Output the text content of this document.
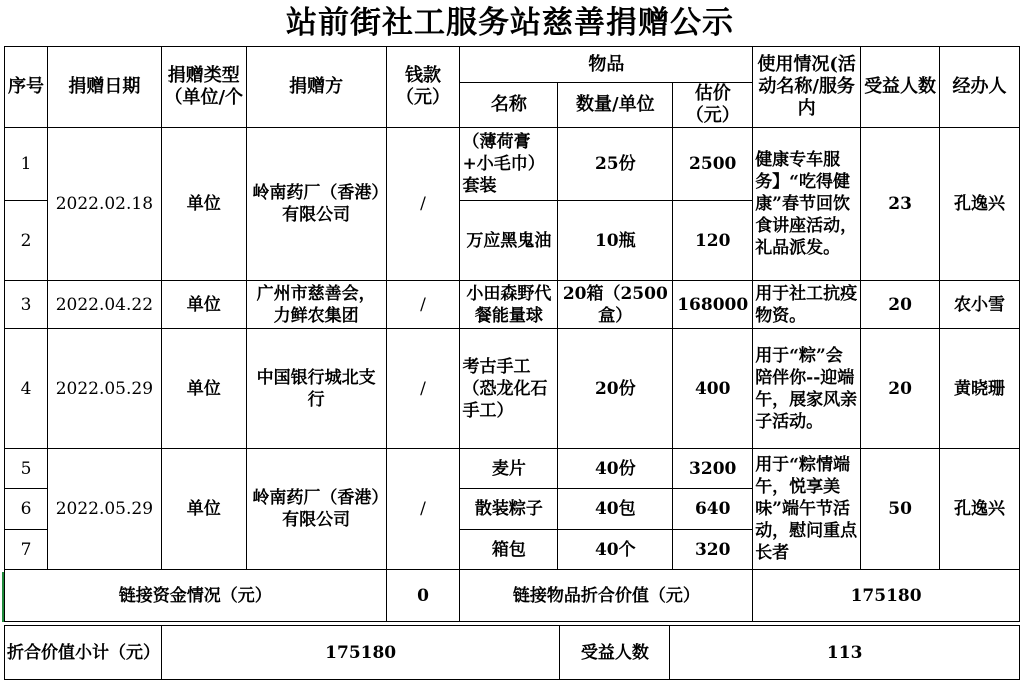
站前街社工服务站慈善捐赠公示
序号	捐赠日期	捐赠类型（单位/个	捐赠方	钱款（元）	物品			使用情况(活动名称/服务内	受益人数	经办人
					名称	数量/单位	估价（元）			
1	2022.02.18	单位	岭南药厂（香港）有限公司	/	（薄荷膏+小毛巾）套装	25份	2500	健康专车服务】“吃得健康”春节回饮食讲座活动，礼品派发。	23	孔逸兴
2					万应黑鬼油	10瓶	120			
3	2022.04.22	单位	广州市慈善会，力鲜农集团	/	小田森野代餐能量球	20箱（2500盒）	168000	用于社工抗疫物资。	20	农小雪
4	2022.05.29	单位	中国银行城北支行	/	考古手工（恐龙化石手工）	20份	400	用于“粽”会陪伴你--迎端午，展家风亲子活动。	20	黄晓珊
5	2022.05.29	单位	岭南药厂（香港）有限公司	/	麦片	40份	3200	用于“粽情端午，悦享美味”端午节活动，慰问重点长者	50	孔逸兴
6					散装粽子	40包	640			
7					箱包	40个	320			
链接资金情况（元）				0	链接物品折合价值（元）			175180		
折合价值小计（元）	175180	受益人数	113
